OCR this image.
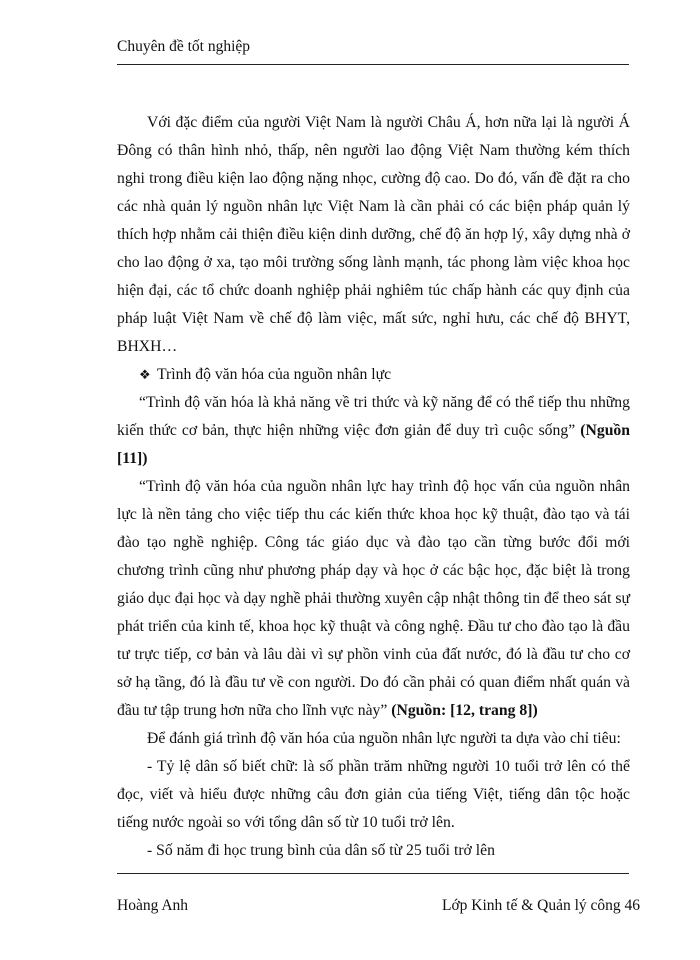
Chuyên đề tốt nghiệp

Với đặc điểm của người Việt Nam là người Châu Á, hơn nữa lại là người Á Đông có thân hình nhỏ, thấp, nên người lao động Việt Nam thường kém thích nghi trong điều kiện lao động nặng nhọc, cường độ cao. Do đó, vấn đề đặt ra cho các nhà quản lý nguồn nhân lực Việt Nam là cần phải có các biện pháp quản lý thích hợp nhằm cải thiện điều kiện dinh dưỡng, chế độ ăn hợp lý, xây dựng nhà ở cho lao động ở xa, tạo môi trường sống lành mạnh, tác phong làm việc khoa học hiện đại, các tổ chức doanh nghiệp phải nghiêm túc chấp hành các quy định của pháp luật Việt Nam về chế độ làm việc, mất sức, nghỉ hưu, các chế độ BHYT, BHXH…

❖ Trình độ văn hóa của nguồn nhân lực

“Trình độ văn hóa là khả năng về tri thức và kỹ năng để có thể tiếp thu những kiến thức cơ bản, thực hiện những việc đơn giản để duy trì cuộc sống” (Nguồn [11])

“Trình độ văn hóa của nguồn nhân lực hay trình độ học vấn của nguồn nhân lực là nền tảng cho việc tiếp thu các kiến thức khoa học kỹ thuật, đào tạo và tái đào tạo nghề nghiệp. Công tác giáo dục và đào tạo cần từng bước đổi mới chương trình cũng như phương pháp dạy và học ở các bậc học, đặc biệt là trong giáo dục đại học và dạy nghề phải thường xuyên cập nhật thông tin để theo sát sự phát triển của kinh tế, khoa học kỹ thuật và công nghệ. Đầu tư cho đào tạo là đầu tư trực tiếp, cơ bản và lâu dài vì sự phồn vinh của đất nước, đó là đầu tư cho cơ sở hạ tầng, đó là đầu tư về con người. Do đó cần phải có quan điểm nhất quán và đầu tư tập trung hơn nữa cho lĩnh vực này” (Nguồn: [12, trang 8])

Để đánh giá trình độ văn hóa của nguồn nhân lực người ta dựa vào chỉ tiêu:

- Tỷ lệ dân số biết chữ: là số phần trăm những người 10 tuổi trở lên có thể đọc, viết và hiểu được những câu đơn giản của tiếng Việt, tiếng dân tộc hoặc tiếng nước ngoài so với tổng dân số từ 10 tuổi trở lên.

- Số năm đi học trung bình của dân số từ 25 tuổi trở lên

Hoàng Anh	Lớp Kinh tế & Quản lý công 46
